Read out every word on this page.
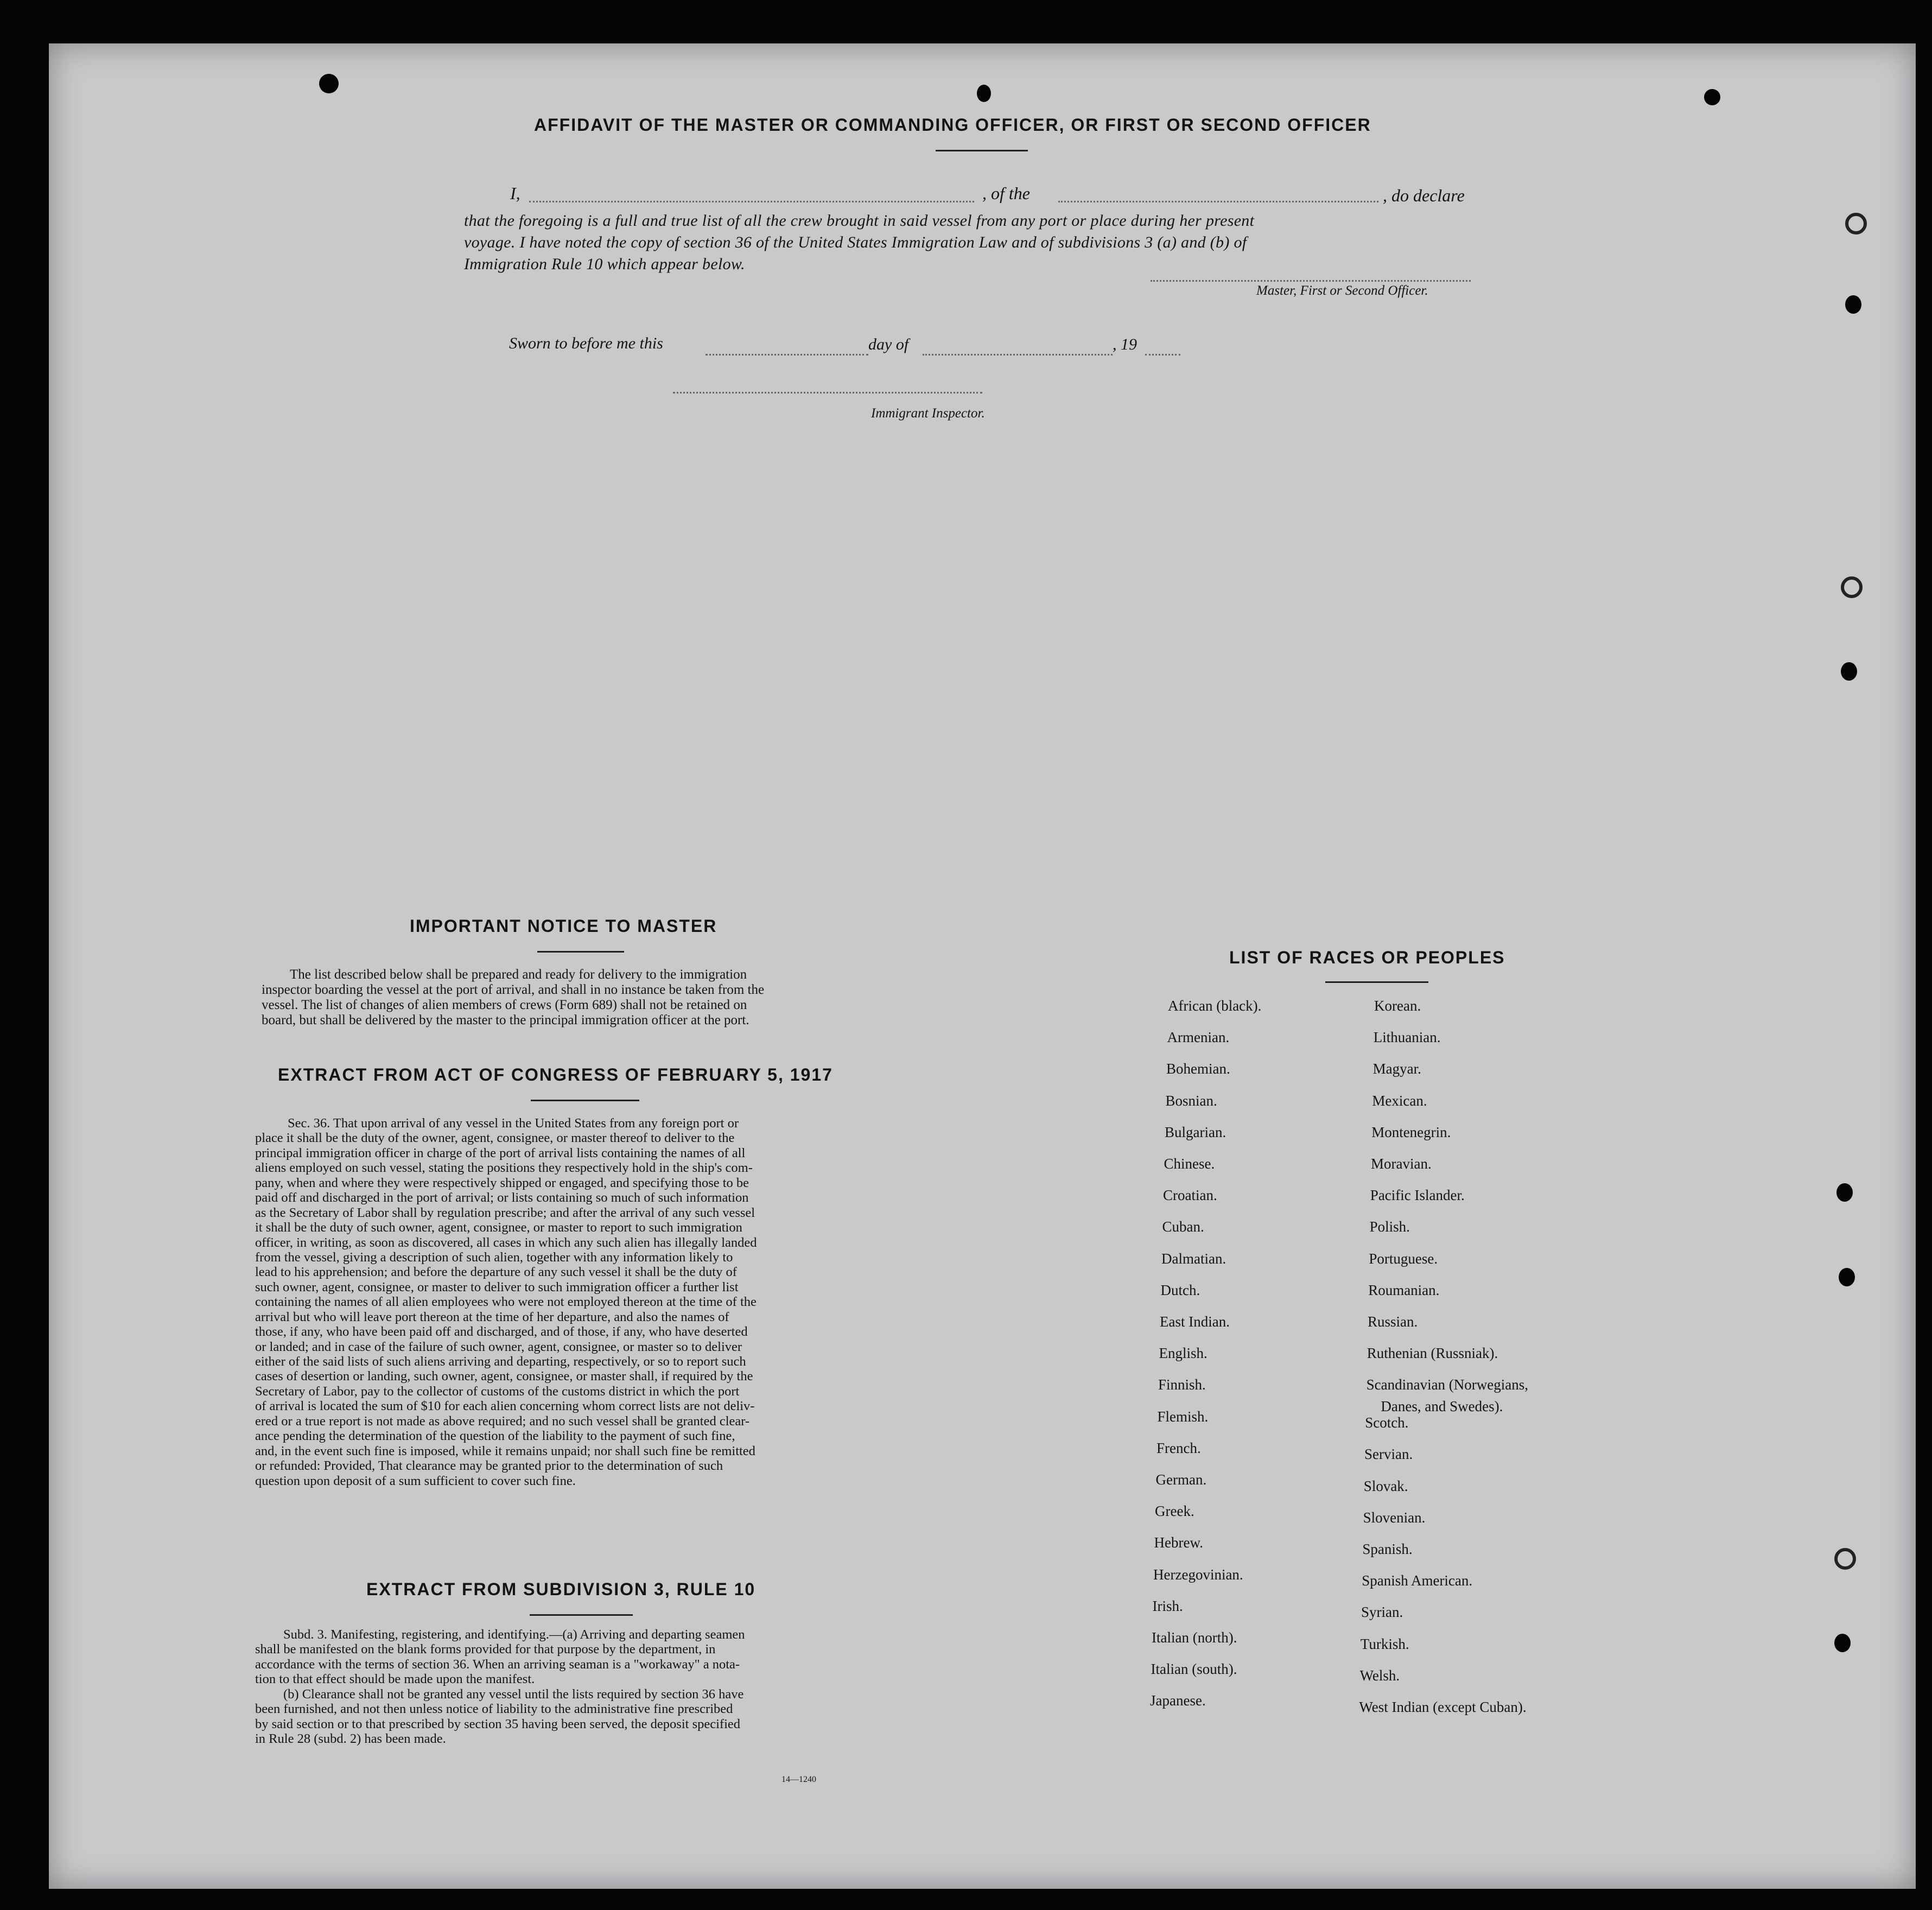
AFFIDAVIT OF THE MASTER OR COMMANDING OFFICER, OR FIRST OR SECOND OFFICER
I,	, of the	, do declare
that the foregoing is a full and true list of all the crew brought in said vessel from any port or place during her present
voyage. I have noted the copy of section 36 of the United States Immigration Law and of subdivisions 3 (a) and (b) of
Immigration Rule 10 which appear below.
Master, First or Second Officer.
Sworn to before me this	day of	, 19
Immigrant Inspector.
IMPORTANT NOTICE TO MASTER
The list described below shall be prepared and ready for delivery to the immigration
inspector boarding the vessel at the port of arrival, and shall in no instance be taken from the
vessel. The list of changes of alien members of crews (Form 689) shall not be retained on
board, but shall be delivered by the master to the principal immigration officer at the port.
EXTRACT FROM ACT OF CONGRESS OF FEBRUARY 5, 1917
Sec. 36. That upon arrival of any vessel in the United States from any foreign port or
place it shall be the duty of the owner, agent, consignee, or master thereof to deliver to the
principal immigration officer in charge of the port of arrival lists containing the names of all
aliens employed on such vessel, stating the positions they respectively hold in the ship's com-
pany, when and where they were respectively shipped or engaged, and specifying those to be
paid off and discharged in the port of arrival; or lists containing so much of such information
as the Secretary of Labor shall by regulation prescribe; and after the arrival of any such vessel
it shall be the duty of such owner, agent, consignee, or master to report to such immigration
officer, in writing, as soon as discovered, all cases in which any such alien has illegally landed
from the vessel, giving a description of such alien, together with any information likely to
lead to his apprehension; and before the departure of any such vessel it shall be the duty of
such owner, agent, consignee, or master to deliver to such immigration officer a further list
containing the names of all alien employees who were not employed thereon at the time of the
arrival but who will leave port thereon at the time of her departure, and also the names of
those, if any, who have been paid off and discharged, and of those, if any, who have deserted
or landed; and in case of the failure of such owner, agent, consignee, or master so to deliver
either of the said lists of such aliens arriving and departing, respectively, or so to report such
cases of desertion or landing, such owner, agent, consignee, or master shall, if required by the
Secretary of Labor, pay to the collector of customs of the customs district in which the port
of arrival is located the sum of $10 for each alien concerning whom correct lists are not deliv-
ered or a true report is not made as above required; and no such vessel shall be granted clear-
ance pending the determination of the question of the liability to the payment of such fine,
and, in the event such fine is imposed, while it remains unpaid; nor shall such fine be remitted
or refunded: Provided, That clearance may be granted prior to the determination of such
question upon deposit of a sum sufficient to cover such fine.
EXTRACT FROM SUBDIVISION 3, RULE 10
Subd. 3. Manifesting, registering, and identifying.—(a) Arriving and departing seamen
shall be manifested on the blank forms provided for that purpose by the department, in
accordance with the terms of section 36. When an arriving seaman is a "workaway" a nota-
tion to that effect should be made upon the manifest.
(b) Clearance shall not be granted any vessel until the lists required by section 36 have
been furnished, and not then unless notice of liability to the administrative fine prescribed
by said section or to that prescribed by section 35 having been served, the deposit specified
in Rule 28 (subd. 2) has been made.
14—1240
LIST OF RACES OR PEOPLES
African (black).
Armenian.
Bohemian.
Bosnian.
Bulgarian.
Chinese.
Croatian.
Cuban.
Dalmatian.
Dutch.
East Indian.
English.
Finnish.
Flemish.
French.
German.
Greek.
Hebrew.
Herzegovinian.
Irish.
Italian (north).
Italian (south).
Japanese.
Korean.
Lithuanian.
Magyar.
Mexican.
Montenegrin.
Moravian.
Pacific Islander.
Polish.
Portuguese.
Roumanian.
Russian.
Ruthenian (Russniak).
Scandinavian (Norwegians,
Danes, and Swedes).
Scotch.
Servian.
Slovak.
Slovenian.
Spanish.
Spanish American.
Syrian.
Turkish.
Welsh.
West Indian (except Cuban).
